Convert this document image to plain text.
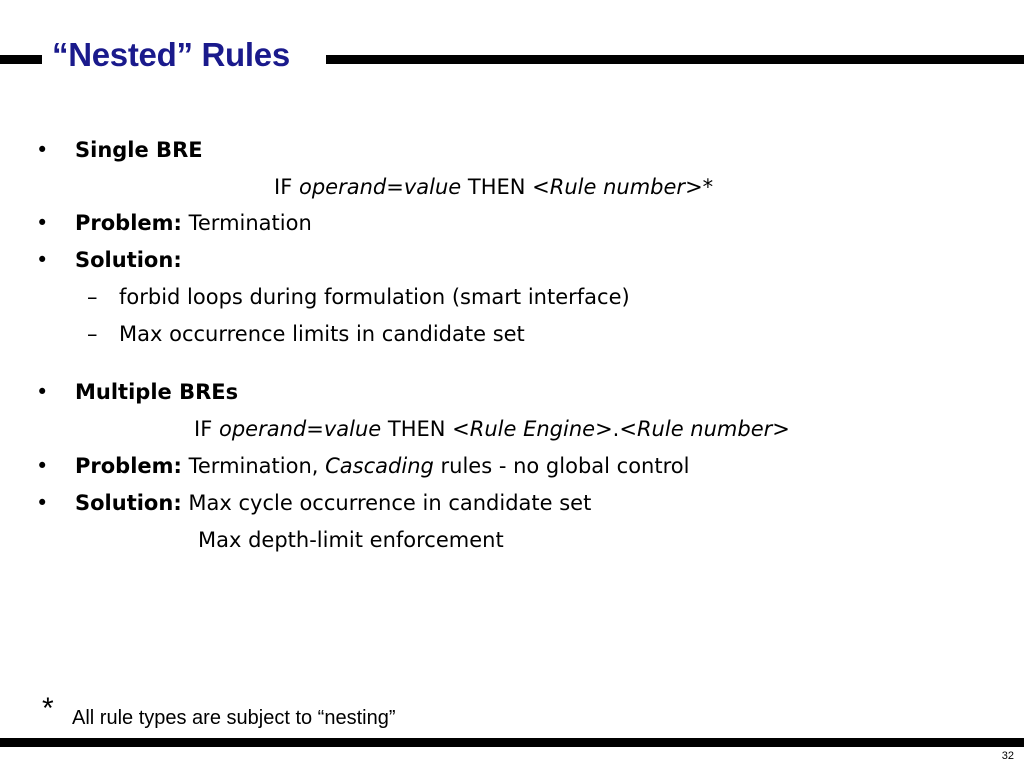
“Nested” Rules
• Single BRE
IF operand=value THEN <Rule number>*
• Problem: Termination
• Solution:
– forbid loops during formulation (smart interface)
– Max occurrence limits in candidate set
• Multiple BREs
IF operand=value THEN <Rule Engine>.<Rule number>
• Problem: Termination, Cascading rules - no global control
• Solution: Max cycle occurrence in candidate set
Max depth-limit enforcement
* All rule types are subject to “nesting”
32
